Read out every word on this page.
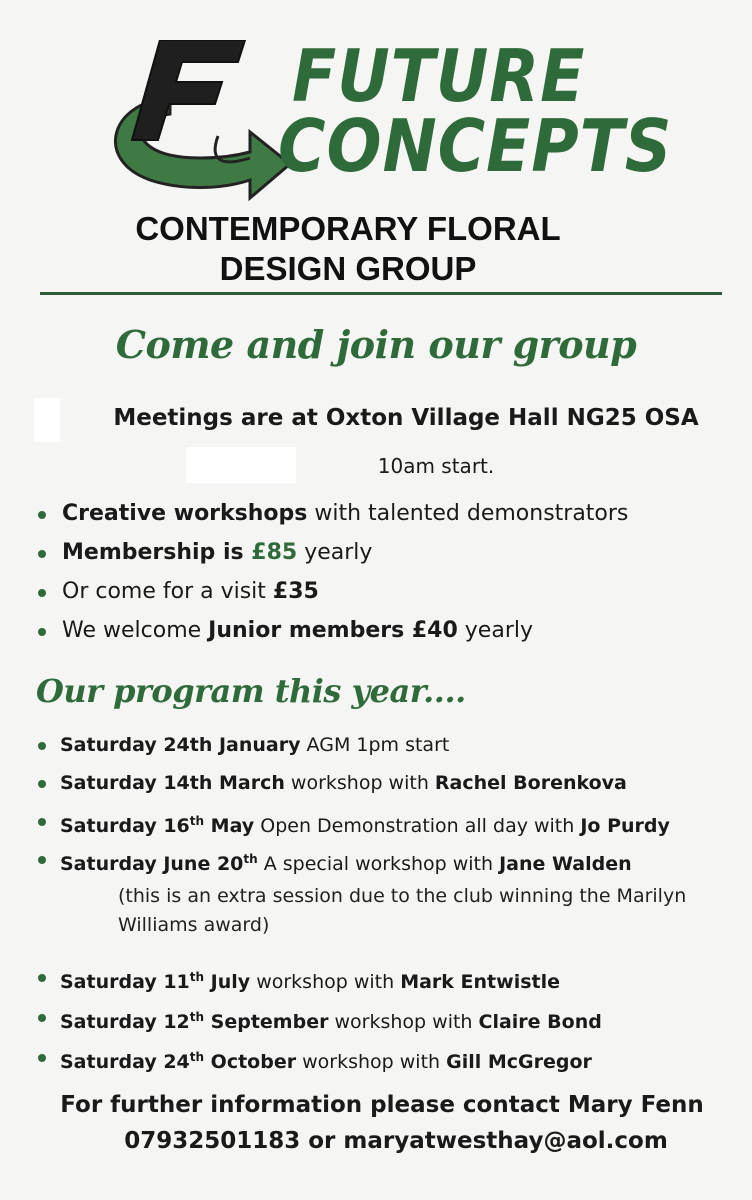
FUTURE
CONCEPTS
CONTEMPORARY FLORAL
DESIGN GROUP
Come and join our group
Meetings are at Oxton Village Hall NG25 OSA
10am start.
Creative workshops with talented demonstrators
Membership is £85 yearly
Or come for a visit £35
We welcome Junior members £40 yearly
Our program this year....
Saturday 24th January AGM 1pm start
Saturday 14th March workshop with Rachel Borenkova
Saturday 16th May Open Demonstration all day with Jo Purdy
Saturday June 20th A special workshop with Jane Walden
Saturday 11th July workshop with Mark Entwistle
Saturday 12th September workshop with Claire Bond
Saturday 24th October workshop with Gill McGregor
(this is an extra session due to the club winning the Marilyn Williams award)
For further information please contact Mary Fenn
07932501183 or maryatwesthay@aol.com
